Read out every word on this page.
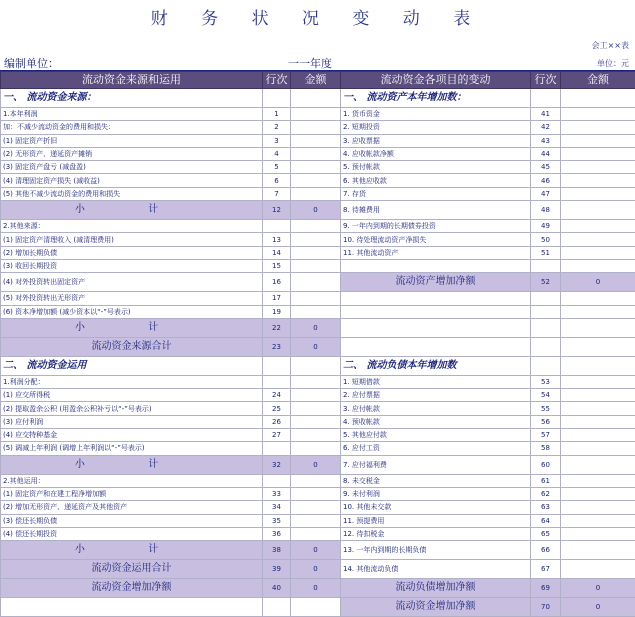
财 务 状 况 变 动 表
会工××表
单位：元
编制单位：	一一年度
流动资金来源和运用	行次	金额	流动资金各项目的变动	行次	金额
一、 流动资金来源：			一、 流动资产本年增加数：		
1.本年利润	1		1. 货币资金	41	
加：不减少流动资金的费用和损失：	2		2. 短期投资	42	
(1) 固定资产折旧	3		3. 应收票据	43	
(2) 无形资产、递延资产摊销	4		4. 应收帐款净额	44	
(3) 固定资产盘亏 (减盘盈)	5		5. 预付帐款	45	
(4) 清理固定资产损失 (减收益)	6		6. 其他应收款	46	
(5) 其他不减少流动资金的费用和损失	7		7. 存货	47	
小 计	12	0	8. 待摊费用	48	
2.其他来源：			9. 一年内到期的长期债券投资	49	
(1) 固定资产清理收入 (减清理费用)	13		10. 待处理流动资产净损失	50	
(2) 增加长期负债	14		11. 其他流动资产	51	
(3) 收回长期投资	15				
(4) 对外投资转出固定资产	16		流动资产增加净额	52	0
(5) 对外投资转出无形资产	17				
(6) 资本净增加额 (减少资本以“-”号表示)	19				
小 计	22	0			
流动资金来源合计	23	0			
二、 流动资金运用			二、 流动负债本年增加数		
1.利润分配：			1. 短期借款	53	
(1) 应交所得税	24		2. 应付票据	54	
(2) 提取盈余公积 (用盈余公积补亏以“-”号表示)	25		3. 应付帐款	55	
(3) 应付利润	26		4. 预收帐款	56	
(4) 应交特种基金	27		5. 其他应付款	57	
(5) 调减上年利润 (调增上年利润以“-”号表示)			6. 应付工资	58	
小 计	32	0	7. 应付福利费	60	
2.其他运用：			8. 未交税金	61	
(1) 固定资产和在建工程净增加额	33		9. 未付利润	62	
(2) 增加无形资产、递延资产及其他资产	34		10. 其他未交款	63	
(3) 偿还长期负债	35		11. 预提费用	64	
(4) 偿还长期投资	36		12. 待扣税金	65	
小 计	38	0	13. 一年内到期的长期负债	66	
流动资金运用合计	39	0	14. 其他流动负债	67	
流动资金增加净额	40	0	流动负债增加净额	69	0
			流动资金增加净额	70	0
